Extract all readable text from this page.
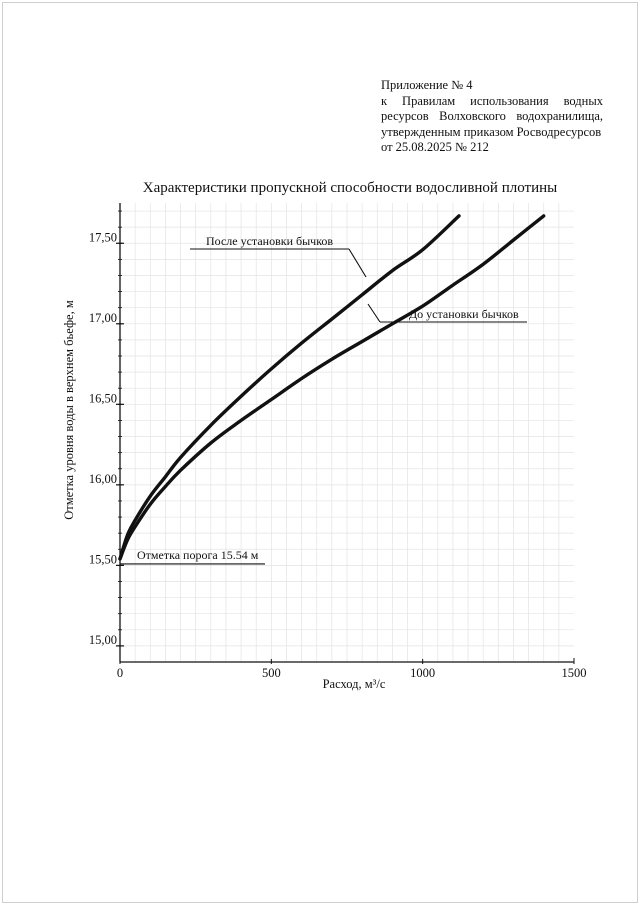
Приложение № 4
к Правилам использования водных
ресурсов Волховского водохранилища,
утвержденным приказом Росводресурсов
от 25.08.2025 № 212
Характеристики пропускной способности водосливной плотины
15,00
15,50
16,00
16,50
17,00
17,50
0	500	1000	1500
Расход, м³/с
Отметка уровня воды в верхнем бьефе, м
После установки бычков
До установки бычков
Отметка порога 15.54 м
